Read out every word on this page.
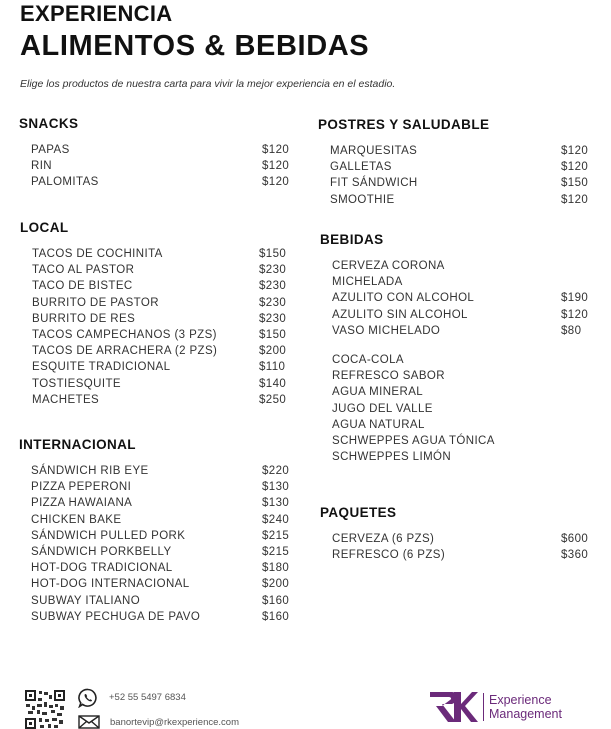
EXPERIENCIA
ALIMENTOS & BEBIDAS
Elige los productos de nuestra carta para vivir la mejor experiencia en el estadio.
SNACKS
PAPAS	$120
RIN	$120
PALOMITAS	$120
LOCAL
TACOS DE COCHINITA	$150
TACO AL PASTOR	$230
TACO DE BISTEC	$230
BURRITO DE PASTOR	$230
BURRITO DE RES	$230
TACOS CAMPECHANOS (3 PZS)	$150
TACOS DE ARRACHERA (2 PZS)	$200
ESQUITE TRADICIONAL	$110
TOSTIESQUITE	$140
MACHETES	$250
INTERNACIONAL
SÁNDWICH RIB EYE	$220
PIZZA PEPERONI	$130
PIZZA HAWAIANA	$130
CHICKEN BAKE	$240
SÁNDWICH PULLED PORK	$215
SÁNDWICH PORKBELLY	$215
HOT-DOG TRADICIONAL	$180
HOT-DOG INTERNACIONAL	$200
SUBWAY ITALIANO	$160
SUBWAY PECHUGA DE PAVO	$160
POSTRES Y SALUDABLE
MARQUESITAS	$120
GALLETAS	$120
FIT SÁNDWICH	$150
SMOOTHIE	$120
BEBIDAS
CERVEZA CORONA
MICHELADA
AZULITO CON ALCOHOL	$190
AZULITO SIN ALCOHOL	$120
VASO MICHELADO	$80
COCA-COLA
REFRESCO SABOR
AGUA MINERAL
JUGO DEL VALLE
AGUA NATURAL
SCHWEPPES AGUA TÓNICA
SCHWEPPES LIMÓN
PAQUETES
CERVEZA (6 PZS)	$600
REFRESCO (6 PZS)	$360
+52 55 5497 6834
banortevip@rkexperience.com
Experience
Management
